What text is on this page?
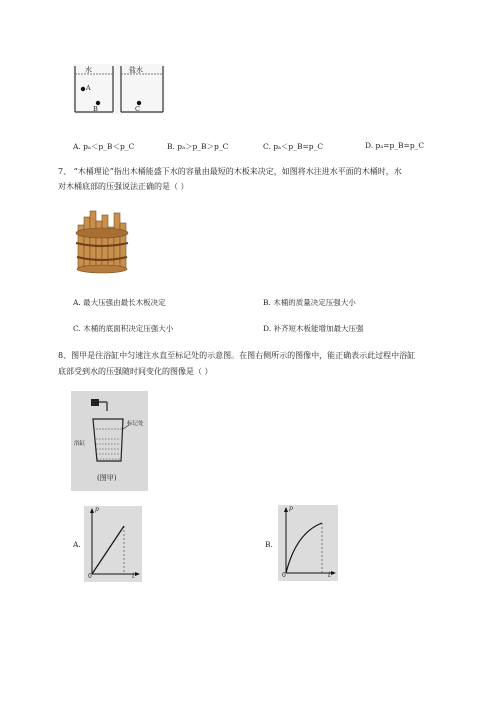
水	盐水
A
B	C
A. pₐ＜p_B＜p_C	B. pₐ＞p_B＞p_C	C. pₐ＜p_B=p_C	D. pₐ=p_B=p_C
7、 “木桶理论”指出木桶能盛下水的容量由最短的木板来决定，如图将水注进水平面的木桶时，水
对木桶底部的压强说法正确的是（ ）
A. 最大压强由最长木板决定	B. 木桶的质量决定压强大小
C. 木桶的底面积决定压强大小	D. 补齐短木板能增加最大压强
8、图甲是往浴缸中匀速注水直至标记处的示意图。在图右侧所示的图像中，能正确表示此过程中浴缸
底部受到水的压强随时间变化的图像是（ ）
浴缸
标记处
(图甲)
A.
p
t
0
B.
p
t
0
